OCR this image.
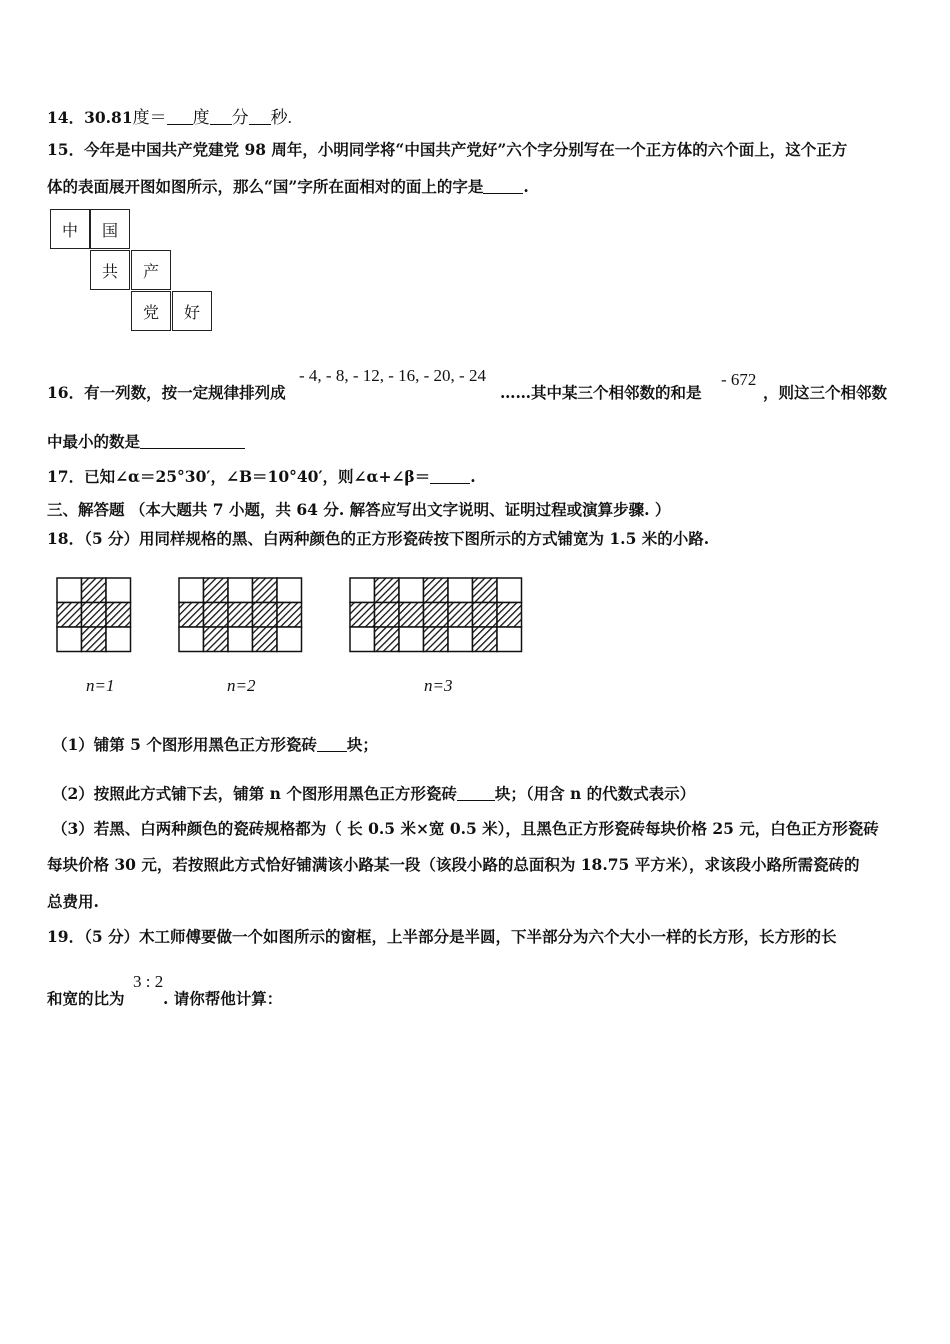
14．30.81度＝ 度 分 秒.
15．今年是中国共产党建党 98 周年，小明同学将“中国共产党好”六个字分别写在一个正方体的六个面上，这个正方
体的表面展开图如图所示，那么“国”字所在面相对的面上的字是	.
中	国
共	产
党	好
16．有一列数，按一定规律排列成
- 4, - 8, - 12, - 16, - 20, - 24
……其中某三个相邻数的和是
- 672
，则这三个相邻数
中最小的数是
17．已知∠α＝25°30′，∠B＝10°40′，则∠α+∠β＝	.
三、解答题 （本大题共 7 小题，共 64 分. 解答应写出文字说明、证明过程或演算步骤. ）
18．（5 分）用同样规格的黑、白两种颜色的正方形瓷砖按下图所示的方式铺宽为 1.5 米的小路.
n=1	n=2	n=3
（1）铺第 5 个图形用黑色正方形瓷砖 块；
（2）按照此方式铺下去，铺第 n 个图形用黑色正方形瓷砖 块；（用含 n 的代数式表示）
（3）若黑、白两种颜色的瓷砖规格都为（ 长 0.5 米×宽 0.5 米），且黑色正方形瓷砖每块价格 25 元，白色正方形瓷砖
每块价格 30 元，若按照此方式恰好铺满该小路某一段（该段小路的总面积为 18.75 平方米），求该段小路所需瓷砖的
总费用.
19．（5 分）木工师傅要做一个如图所示的窗框，上半部分是半圆，下半部分为六个大小一样的长方形，长方形的长
和宽的比为
3 : 2
. 请你帮他计算：
